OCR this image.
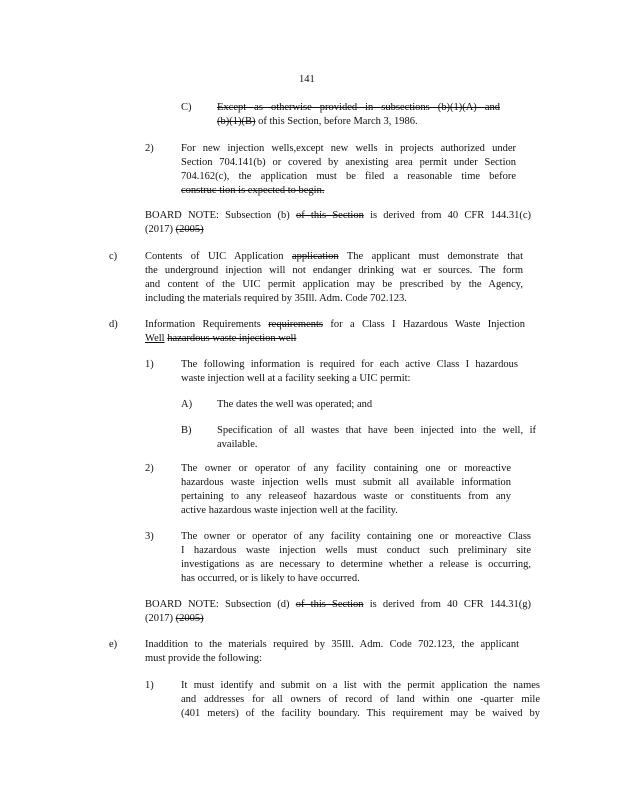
141
C) Except as otherwise provided in subsections (b)(1)(A) and
(b)(1)(B) of this Section, before March 3, 1986.
2)	For new injection wells,except new wells in projects authorized under
Section 704.141(b) or covered by anexisting area permit under Section
704.162(c), the application must be filed a reasonable time before
construc tion is expected to begin.
BOARD NOTE: Subsection (b) of this Section is derived from 40 CFR 144.31(c)
(2017) (2005)
c)	Contents of UIC Application application The applicant must demonstrate that
the underground injection will not endanger drinking wat er sources. The form
and content of the UIC permit application may be prescribed by the Agency,
including the materials required by 35Ill. Adm. Code 702.123.
d)	Information Requirements requirements for a Class I Hazardous Waste Injection
Well hazardous waste injection well
1)	The following information is required for each active Class I hazardous
waste injection well at a facility seeking a UIC permit:
A) The dates the well was operated; and
B) Specification of all wastes that have been injected into the well, if
available.
2)	The owner or operator of any facility containing one or moreactive
hazardous waste injection wells must submit all available information
pertaining to any releaseof hazardous waste or constituents from any
active hazardous waste injection well at the facility.
3)	The owner or operator of any facility containing one or moreactive Class
I hazardous waste injection wells must conduct such preliminary site
investigations as are necessary to determine whether a release is occurring,
has occurred, or is likely to have occurred.
BOARD NOTE: Subsection (d) of this Section is derived from 40 CFR 144.31(g)
(2017) (2005)
e)	Inaddition to the materials required by 35Ill. Adm. Code 702.123, the applicant
must provide the following:
1)	It must identify and submit on a list with the permit application the names
and addresses for all owners of record of land within one -quarter mile
(401 meters) of the facility boundary. This requirement may be waived by
